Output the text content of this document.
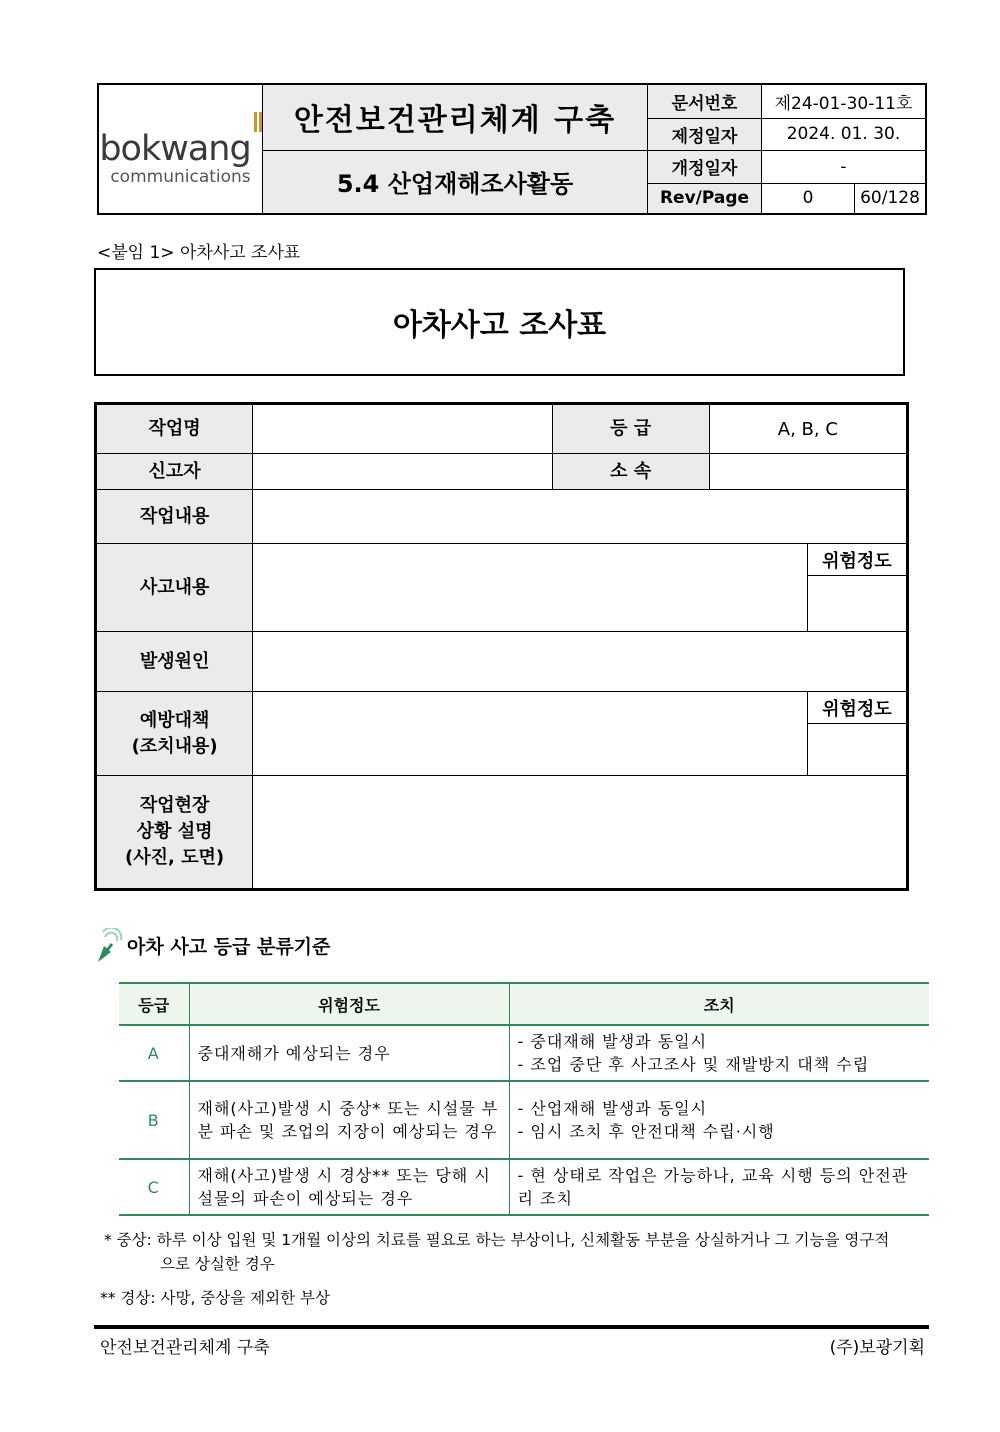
bokwang
communications	안전보건관리체계 구축	문서번호	제24-01-30-11호	
		제정일자	2024. 01. 30.	
	5.4 산업재해조사활동	개정일자	-	
		Rev/Page	0	60/128
<붙임 1> 아차사고 조사표
아차사고 조사표
작업명		등 급	A, B, C	
신고자		소 속		
작업내용				
사고내용				위험정도

발생원인				

예방대책
(조치내용)				위험정도

작업현장
상황 설명
(사진, 도면)				

아차 사고 등급 분류기준
등급	위험정도	조치
A	중대재해가 예상되는 경우	- 중대재해 발생과 동일시
- 조업 중단 후 사고조사 및 재발방지 대책 수립

B	재해(사고)발생 시 중상* 또는 시설물 부분 파손 및 조업의 지장이 예상되는 경우	- 산업재해 발생과 동일시
- 임시 조치 후 안전대책 수립·시행

C	재해(사고)발생 시 경상** 또는 당해 시설물의 파손이 예상되는 경우	- 현 상태로 작업은 가능하나, 교육 시행 등의 안전관리 조치
* 중상: 하루 이상 입원 및 1개월 이상의 치료를 필요로 하는 부상이나, 신체활동 부분을 상실하거나 그 기능을 영구적
으로 상실한 경우
** 경상: 사망, 중상을 제외한 부상
안전보건관리체계 구축	(주)보광기획
